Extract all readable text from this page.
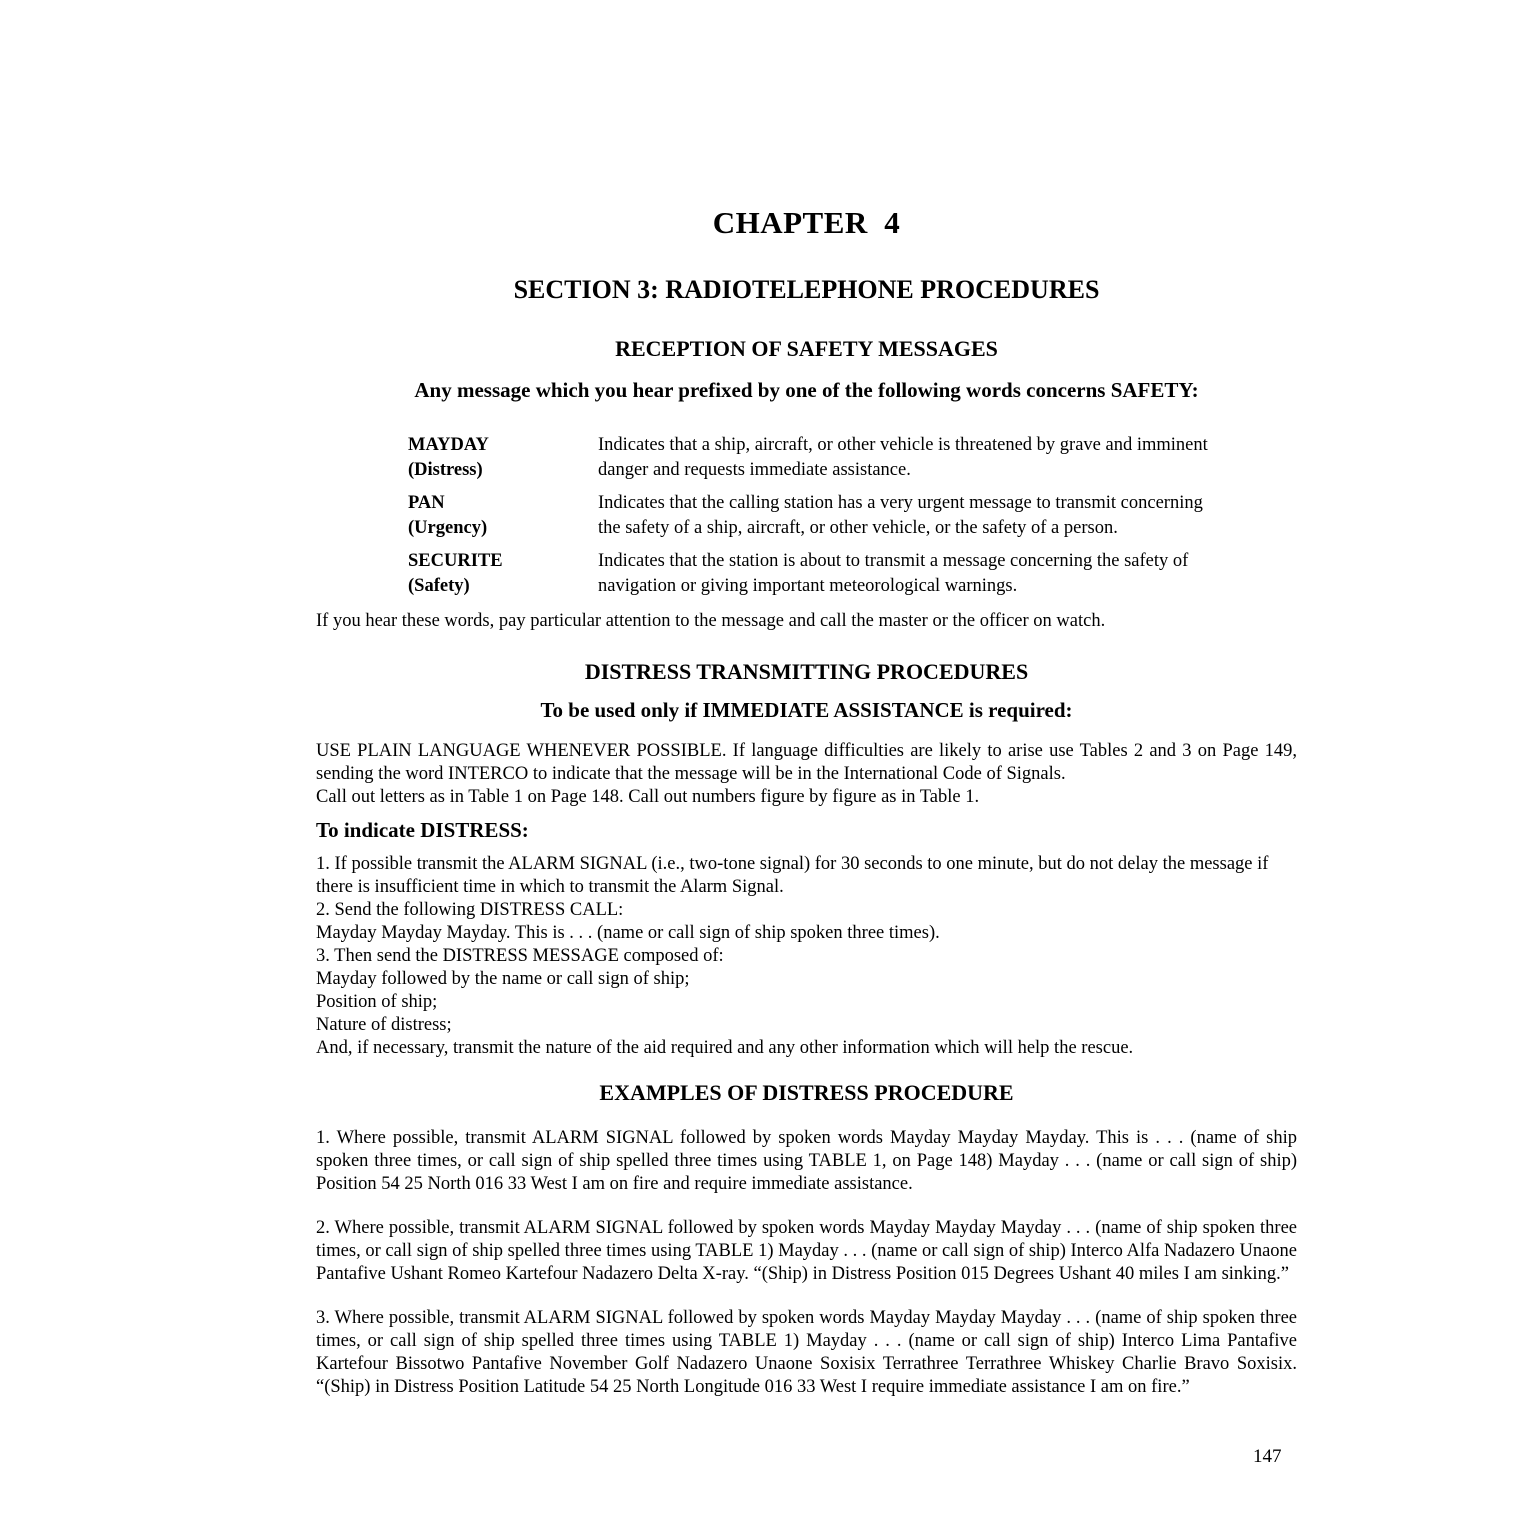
CHAPTER  4
SECTION 3: RADIOTELEPHONE PROCEDURES
RECEPTION OF SAFETY MESSAGES
Any message which you hear prefixed by one of the following words concerns SAFETY:
MAYDAY
(Distress)
Indicates that a ship, aircraft, or other vehicle is threatened by grave and imminent danger and requests immediate assistance.
PAN
(Urgency)
Indicates that the calling station has a very urgent message to transmit concerning the safety of a ship, aircraft, or other vehicle, or the safety of a person.
SECURITE
(Safety)
Indicates that the station is about to transmit a message concerning the safety of navigation or giving important meteorological warnings.
If you hear these words, pay particular attention to the message and call the master or the officer on watch.
DISTRESS TRANSMITTING PROCEDURES
To be used only if IMMEDIATE ASSISTANCE is required:
USE PLAIN LANGUAGE WHENEVER POSSIBLE. If language difficulties are likely to arise use Tables 2 and 3 on Page 149, sending the word INTERCO to indicate that the message will be in the International Code of Signals.
Call out letters as in Table 1 on Page 148. Call out numbers figure by figure as in Table 1.
To indicate DISTRESS:
1. If possible transmit the ALARM SIGNAL (i.e., two-tone signal) for 30 seconds to one minute, but do not delay the message if there is insufficient time in which to transmit the Alarm Signal.
2. Send the following DISTRESS CALL:
Mayday Mayday Mayday. This is . . . (name or call sign of ship spoken three times).
3. Then send the DISTRESS MESSAGE composed of:
Mayday followed by the name or call sign of ship;
Position of ship;
Nature of distress;
And, if necessary, transmit the nature of the aid required and any other information which will help the rescue.
EXAMPLES OF DISTRESS PROCEDURE
1. Where possible, transmit ALARM SIGNAL followed by spoken words Mayday Mayday Mayday. This is . . . (name of ship spoken three times, or call sign of ship spelled three times using TABLE 1, on Page 148) Mayday . . . (name or call sign of ship) Position 54 25 North 016 33 West I am on fire and require immediate assistance.
2. Where possible, transmit ALARM SIGNAL followed by spoken words Mayday Mayday Mayday . . . (name of ship spoken three times, or call sign of ship spelled three times using TABLE 1) Mayday . . . (name or call sign of ship) Interco Alfa Nadazero Unaone Pantafive Ushant Romeo Kartefour Nadazero Delta X-ray. “(Ship) in Distress Position 015 Degrees Ushant 40 miles I am sinking.”
3. Where possible, transmit ALARM SIGNAL followed by spoken words Mayday Mayday Mayday . . . (name of ship spoken three times, or call sign of ship spelled three times using TABLE 1) Mayday . . . (name or call sign of ship) Interco Lima Pantafive Kartefour Bissotwo Pantafive November Golf Nadazero Unaone Soxisix Terrathree Terrathree Whiskey Charlie Bravo Soxisix. “(Ship) in Distress Position Latitude 54 25 North Longitude 016 33 West I require immediate assistance I am on fire.”
147
